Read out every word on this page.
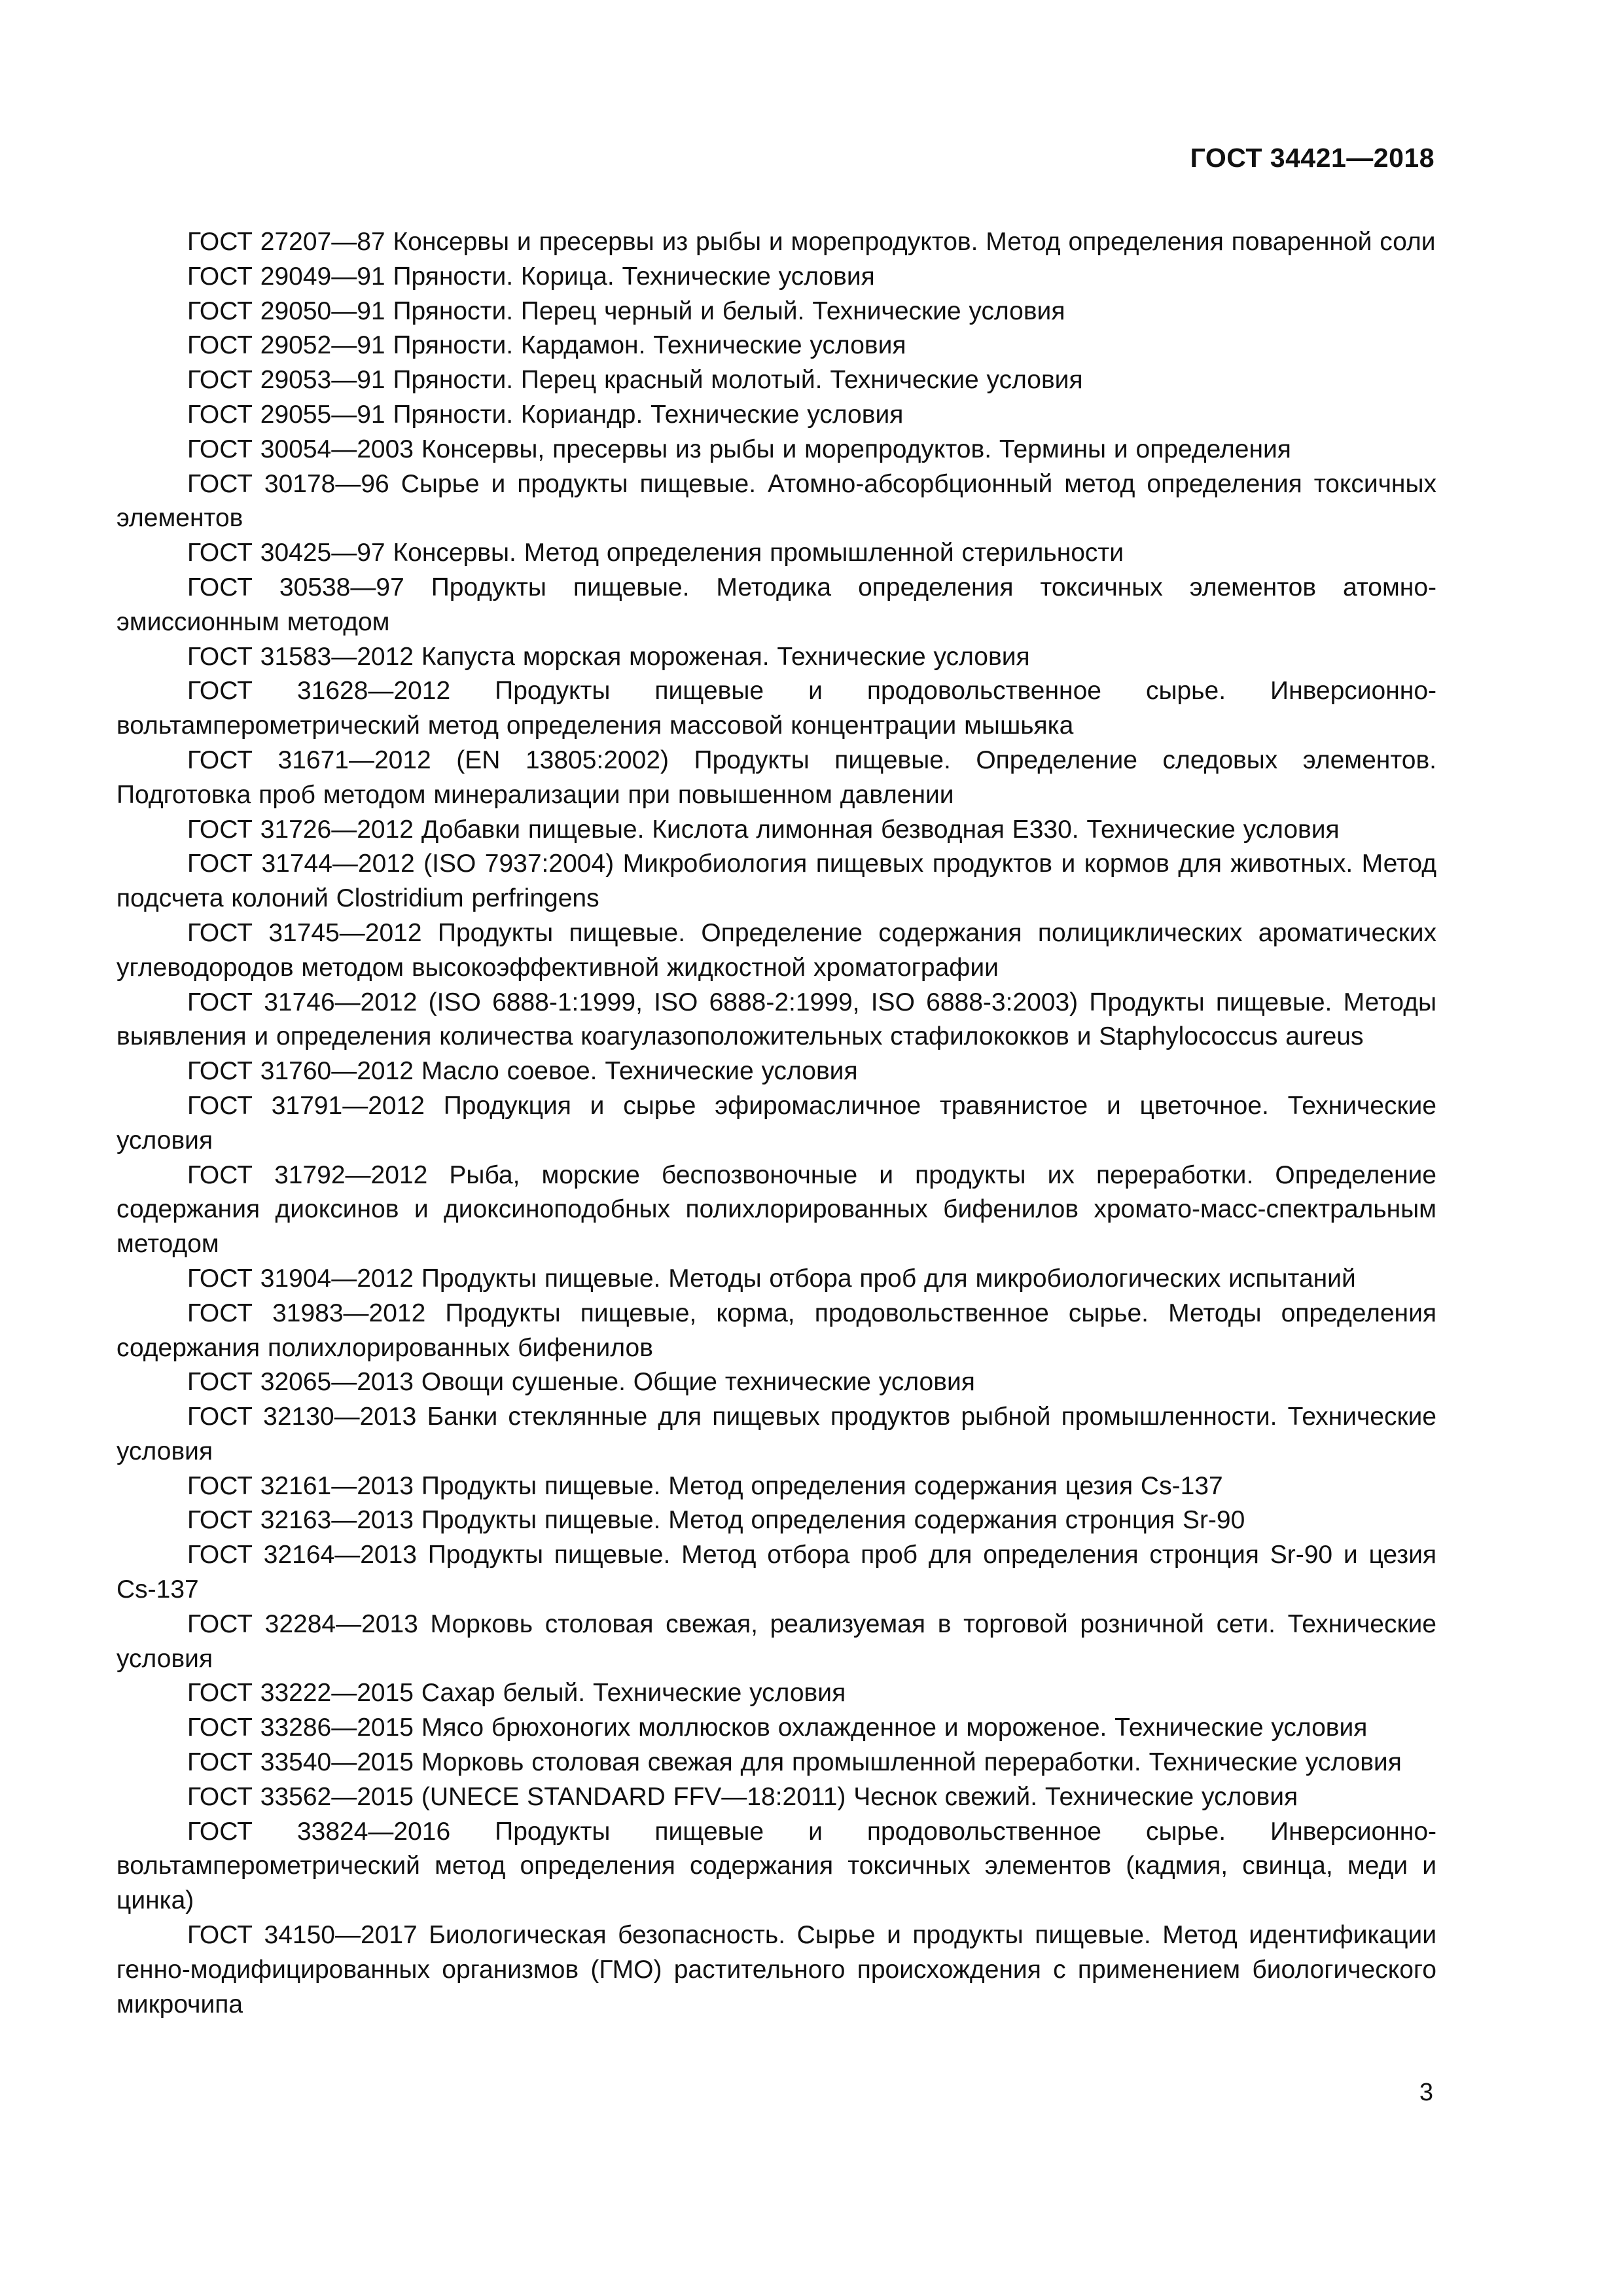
ГОСТ 34421—2018

ГОСТ 27207—87 Консервы и пресервы из рыбы и морепродуктов. Метод определения поваренной соли

ГОСТ 29049—91 Пряности. Корица. Технические условия

ГОСТ 29050—91 Пряности. Перец черный и белый. Технические условия

ГОСТ 29052—91 Пряности. Кардамон. Технические условия

ГОСТ 29053—91 Пряности. Перец красный молотый. Технические условия

ГОСТ 29055—91 Пряности. Кориандр. Технические условия

ГОСТ 30054—2003 Консервы, пресервы из рыбы и морепродуктов. Термины и определения

ГОСТ 30178—96 Сырье и продукты пищевые. Атомно-абсорбционный метод определения токсичных элементов

ГОСТ 30425—97 Консервы. Метод определения промышленной стерильности

ГОСТ 30538—97 Продукты пищевые. Методика определения токсичных элементов атомно-эмиссионным методом

ГОСТ 31583—2012 Капуста морская мороженая. Технические условия

ГОСТ 31628—2012 Продукты пищевые и продовольственное сырье. Инверсионно-вольтамперометрический метод определения массовой концентрации мышьяка

ГОСТ 31671—2012 (EN 13805:2002) Продукты пищевые. Определение следовых элементов. Подготовка проб методом минерализации при повышенном давлении

ГОСТ 31726—2012 Добавки пищевые. Кислота лимонная безводная Е330. Технические условия

ГОСТ 31744—2012 (ISO 7937:2004) Микробиология пищевых продуктов и кормов для животных. Метод подсчета колоний Clostridium perfringens

ГОСТ 31745—2012 Продукты пищевые. Определение содержания полициклических ароматических углеводородов методом высокоэффективной жидкостной хроматографии

ГОСТ 31746—2012 (ISO 6888-1:1999, ISO 6888-2:1999, ISO 6888-3:2003) Продукты пищевые. Методы выявления и определения количества коагулазоположительных стафилококков и Staphylococcus aureus

ГОСТ 31760—2012 Масло соевое. Технические условия

ГОСТ 31791—2012 Продукция и сырье эфиромасличное травянистое и цветочное. Технические условия

ГОСТ 31792—2012 Рыба, морские беспозвоночные и продукты их переработки. Определение содержания диоксинов и диоксиноподобных полихлорированных бифенилов хромато-масс-спектральным методом

ГОСТ 31904—2012 Продукты пищевые. Методы отбора проб для микробиологических испытаний

ГОСТ 31983—2012 Продукты пищевые, корма, продовольственное сырье. Методы определения содержания полихлорированных бифенилов

ГОСТ 32065—2013 Овощи сушеные. Общие технические условия

ГОСТ 32130—2013 Банки стеклянные для пищевых продуктов рыбной промышленности. Технические условия

ГОСТ 32161—2013 Продукты пищевые. Метод определения содержания цезия Cs-137

ГОСТ 32163—2013 Продукты пищевые. Метод определения содержания стронция Sr-90

ГОСТ 32164—2013 Продукты пищевые. Метод отбора проб для определения стронция Sr-90 и цезия Cs-137

ГОСТ 32284—2013 Морковь столовая свежая, реализуемая в торговой розничной сети. Технические условия

ГОСТ 33222—2015 Сахар белый. Технические условия

ГОСТ 33286—2015 Мясо брюхоногих моллюсков охлажденное и мороженое. Технические условия

ГОСТ 33540—2015 Морковь столовая свежая для промышленной переработки. Технические условия

ГОСТ 33562—2015 (UNECE STANDARD FFV—18:2011) Чеснок свежий. Технические условия

ГОСТ 33824—2016 Продукты пищевые и продовольственное сырье. Инверсионно-вольтамперометрический метод определения содержания токсичных элементов (кадмия, свинца, меди и цинка)

ГОСТ 34150—2017 Биологическая безопасность. Сырье и продукты пищевые. Метод идентификации генно-модифицированных организмов (ГМО) растительного происхождения с применением биологического микрочипа

3
